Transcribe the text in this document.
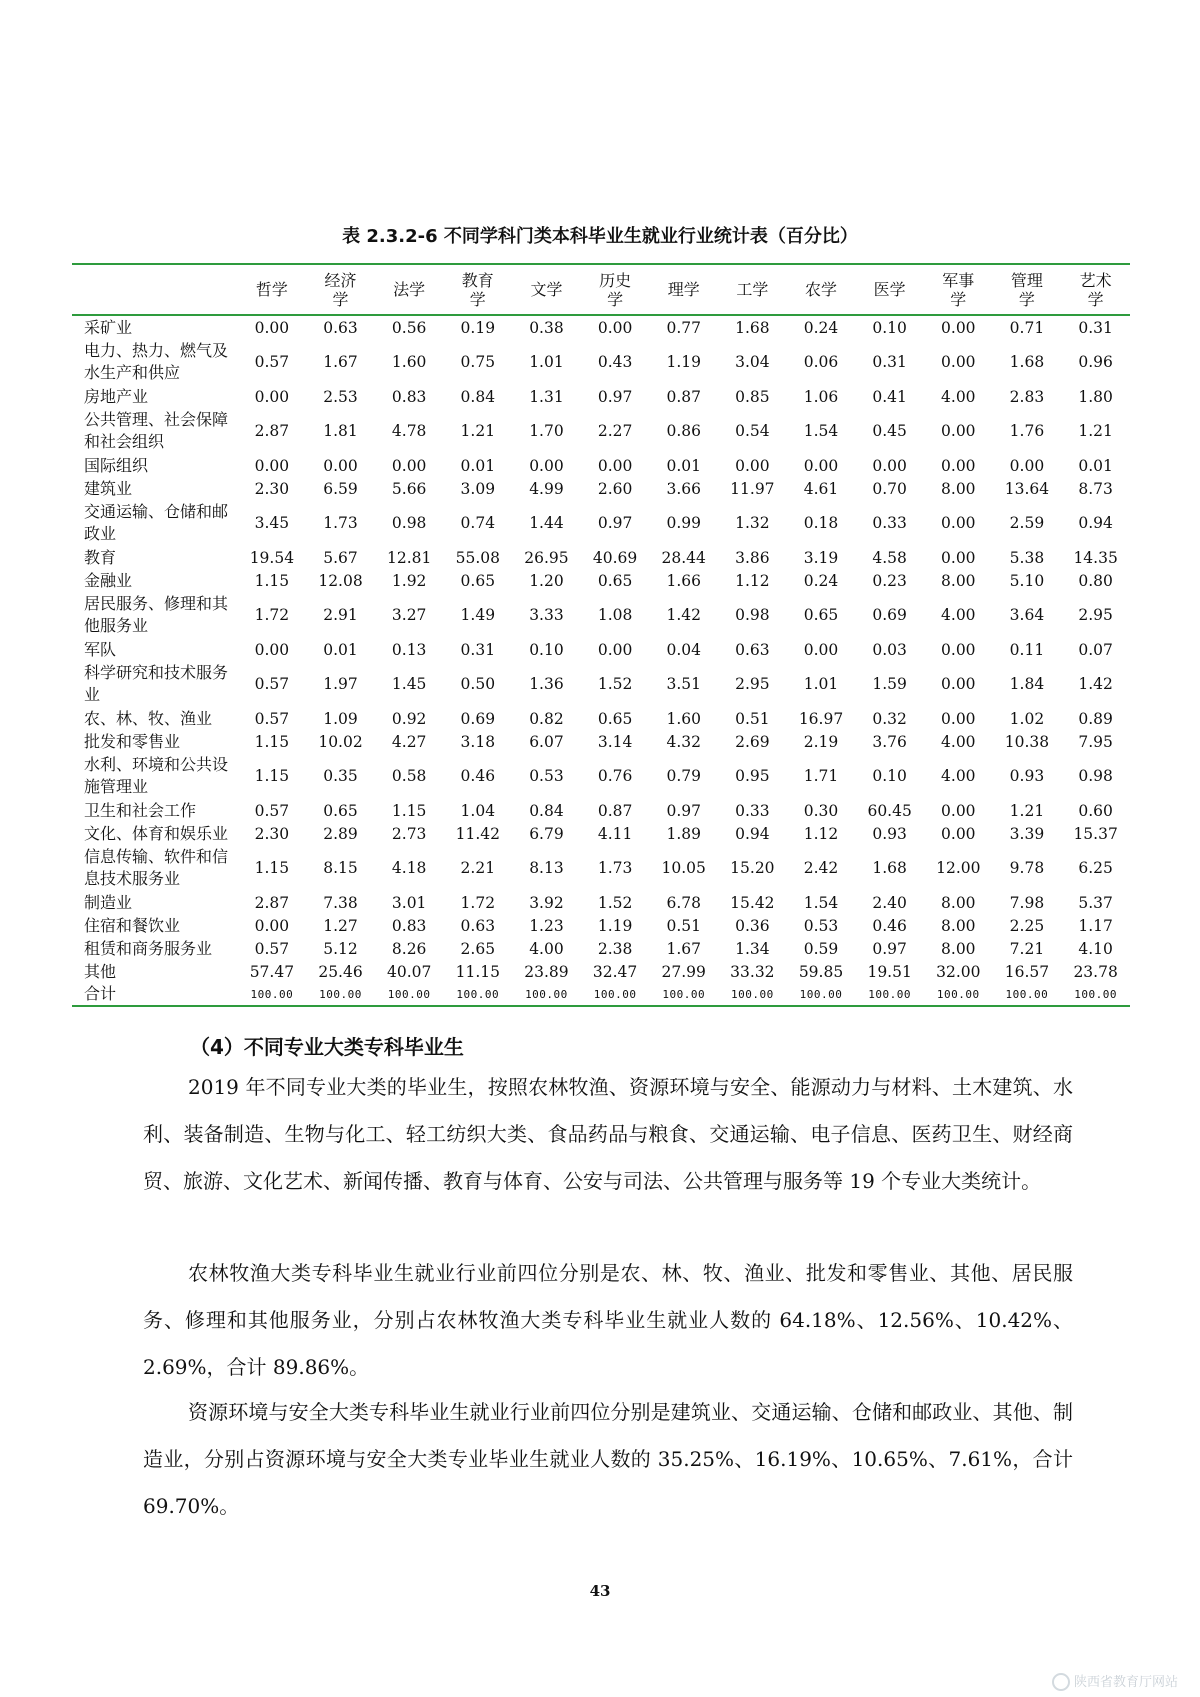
表 2.3.2-6 不同学科门类本科毕业生就业行业统计表（百分比）
	哲学	经济学	法学	教育学	文学	历史学	理学	工学	农学	医学	军事学	管理学	艺术学
采矿业	0.00	0.63	0.56	0.19	0.38	0.00	0.77	1.68	0.24	0.10	0.00	0.71	0.31
电力、热力、燃气及水生产和供应	0.57	1.67	1.60	0.75	1.01	0.43	1.19	3.04	0.06	0.31	0.00	1.68	0.96
房地产业	0.00	2.53	0.83	0.84	1.31	0.97	0.87	0.85	1.06	0.41	4.00	2.83	1.80
公共管理、社会保障和社会组织	2.87	1.81	4.78	1.21	1.70	2.27	0.86	0.54	1.54	0.45	0.00	1.76	1.21
国际组织	0.00	0.00	0.00	0.01	0.00	0.00	0.01	0.00	0.00	0.00	0.00	0.00	0.01
建筑业	2.30	6.59	5.66	3.09	4.99	2.60	3.66	11.97	4.61	0.70	8.00	13.64	8.73
交通运输、仓储和邮政业	3.45	1.73	0.98	0.74	1.44	0.97	0.99	1.32	0.18	0.33	0.00	2.59	0.94
教育	19.54	5.67	12.81	55.08	26.95	40.69	28.44	3.86	3.19	4.58	0.00	5.38	14.35
金融业	1.15	12.08	1.92	0.65	1.20	0.65	1.66	1.12	0.24	0.23	8.00	5.10	0.80
居民服务、修理和其他服务业	1.72	2.91	3.27	1.49	3.33	1.08	1.42	0.98	0.65	0.69	4.00	3.64	2.95
军队	0.00	0.01	0.13	0.31	0.10	0.00	0.04	0.63	0.00	0.03	0.00	0.11	0.07
科学研究和技术服务业	0.57	1.97	1.45	0.50	1.36	1.52	3.51	2.95	1.01	1.59	0.00	1.84	1.42
农、林、牧、渔业	0.57	1.09	0.92	0.69	0.82	0.65	1.60	0.51	16.97	0.32	0.00	1.02	0.89
批发和零售业	1.15	10.02	4.27	3.18	6.07	3.14	4.32	2.69	2.19	3.76	4.00	10.38	7.95
水利、环境和公共设施管理业	1.15	0.35	0.58	0.46	0.53	0.76	0.79	0.95	1.71	0.10	4.00	0.93	0.98
卫生和社会工作	0.57	0.65	1.15	1.04	0.84	0.87	0.97	0.33	0.30	60.45	0.00	1.21	0.60
文化、体育和娱乐业	2.30	2.89	2.73	11.42	6.79	4.11	1.89	0.94	1.12	0.93	0.00	3.39	15.37
信息传输、软件和信息技术服务业	1.15	8.15	4.18	2.21	8.13	1.73	10.05	15.20	2.42	1.68	12.00	9.78	6.25
制造业	2.87	7.38	3.01	1.72	3.92	1.52	6.78	15.42	1.54	2.40	8.00	7.98	5.37
住宿和餐饮业	0.00	1.27	0.83	0.63	1.23	1.19	0.51	0.36	0.53	0.46	8.00	2.25	1.17
租赁和商务服务业	0.57	5.12	8.26	2.65	4.00	2.38	1.67	1.34	0.59	0.97	8.00	7.21	4.10
其他	57.47	25.46	40.07	11.15	23.89	32.47	27.99	33.32	59.85	19.51	32.00	16.57	23.78
合计	100.00	100.00	100.00	100.00	100.00	100.00	100.00	100.00	100.00	100.00	100.00	100.00	100.00
（4）不同专业大类专科毕业生

2019 年不同专业大类的毕业生，按照农林牧渔、资源环境与安全、能源动力与材料、土木建筑、水利、装备制造、生物与化工、轻工纺织大类、食品药品与粮食、交通运输、电子信息、医药卫生、财经商贸、旅游、文化艺术、新闻传播、教育与体育、公安与司法、公共管理与服务等 19 个专业大类统计。

农林牧渔大类专科毕业生就业行业前四位分别是农、林、牧、渔业、批发和零售业、其他、居民服务、修理和其他服务业，分别占农林牧渔大类专科毕业生就业人数的 64.18%、12.56%、10.42%、2.69%，合计 89.86%。

资源环境与安全大类专科毕业生就业行业前四位分别是建筑业、交通运输、仓储和邮政业、其他、制造业，分别占资源环境与安全大类专业毕业生就业人数的 35.25%、16.19%、10.65%、7.61%，合计 69.70%。

43
陕西省教育厅网站
